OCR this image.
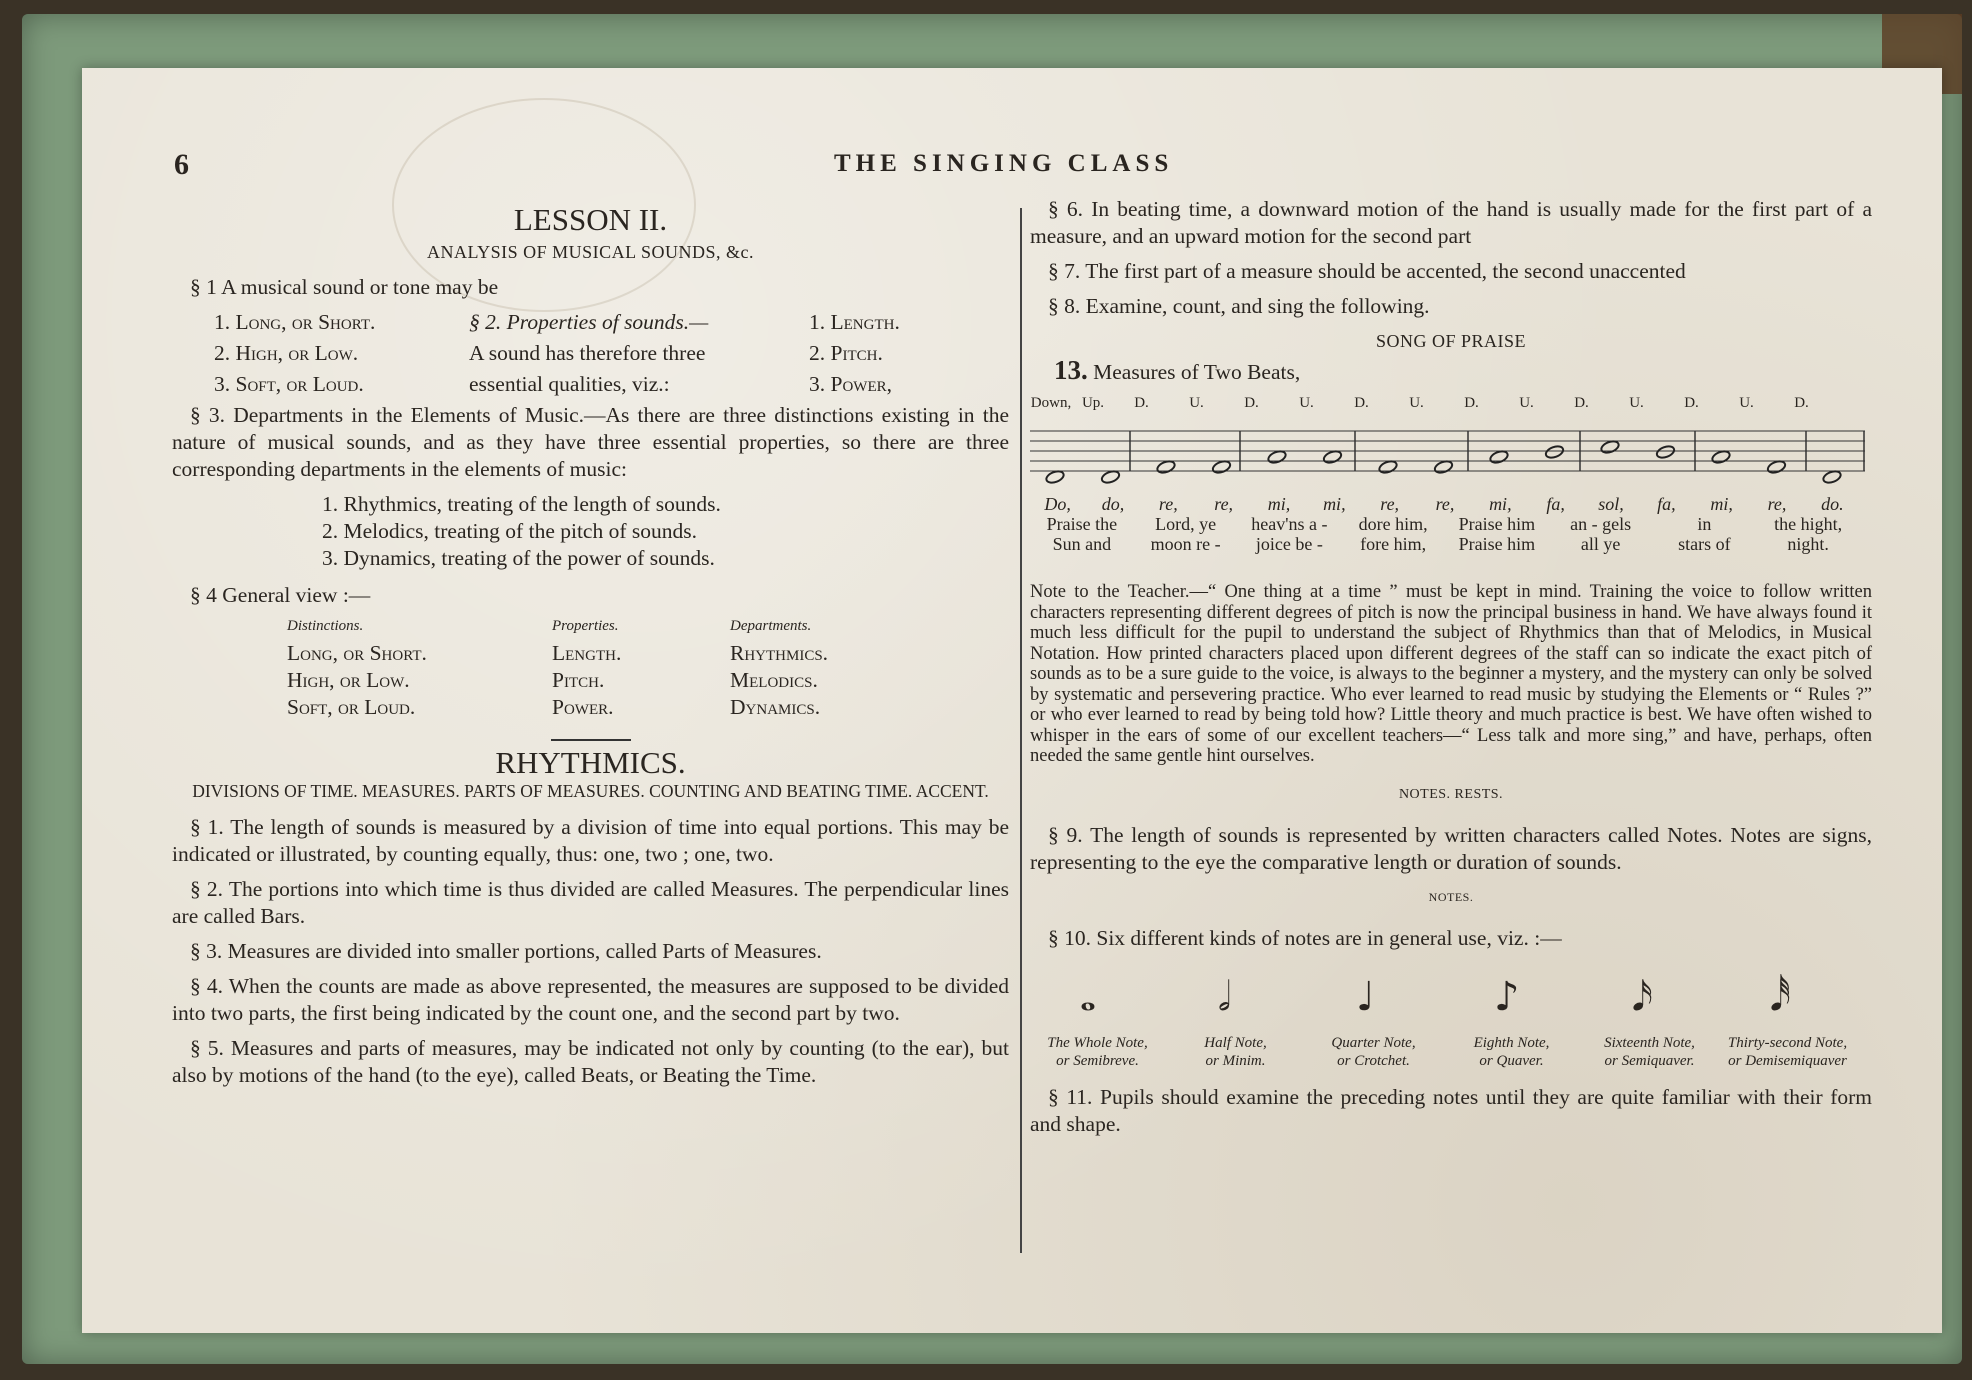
6	THE SINGING CLASS
LESSON II.
ANALYSIS OF MUSICAL SOUNDS, &c.

§ 1 A musical sound or tone may be

1. Long, or Short.	§ 2. Properties of sounds.—	1. Length.
2. High, or Low.	A sound has therefore three	2. Pitch.
3. Soft, or Loud.	essential qualities, viz.:	3. Power,

§ 3. Departments in the Elements of Music.—As there are three distinctions existing in the nature of musical sounds, and as they have three essential properties, so there are three corresponding departments in the elements of music:

1. Rhythmics, treating of the length of sounds.
2. Melodics, treating of the pitch of sounds.
3. Dynamics, treating of the power of sounds.

§ 4 General view :—

Distinctions.	Properties.	Departments.
Long, or Short.	Length.	Rhythmics.
High, or Low.	Pitch.	Melodics.
Soft, or Loud.	Power.	Dynamics.
RHYTHMICS.
DIVISIONS OF TIME. MEASURES. PARTS OF MEASURES. COUNTING AND BEATING TIME. ACCENT.

§ 1. The length of sounds is measured by a division of time into equal portions. This may be indicated or illustrated, by counting equally, thus: one, two ; one, two.

§ 2. The portions into which time is thus divided are called Measures. The perpendicular lines are called Bars.

§ 3. Measures are divided into smaller portions, called Parts of Measures.

§ 4. When the counts are made as above represented, the measures are supposed to be divided into two parts, the first being indicated by the count one, and the second part by two.

§ 5. Measures and parts of measures, may be indicated not only by counting (to the ear), but also by motions of the hand (to the eye), called Beats, or Beating the Time.

§ 6. In beating time, a downward motion of the hand is usually made for the first part of a measure, and an upward motion for the second part

§ 7. The first part of a measure should be accented, the second unaccented

§ 8. Examine, count, and sing the following.

SONG OF PRAISE
13. Measures of Two Beats,
Down, Up.	D.	U.	D.	U.	D.	U.	D.	U.	D.	U.	D.	U.	D.
Do,	do,	re,	re,	mi,	mi,	re,	re,	mi,	fa,	sol,	fa,	mi,	re,	do.
Praise the	Lord, ye	heav'ns a -	dore him,	Praise him	an - gels	in	the hight,
Sun and	moon re -	joice be -	fore him,	Praise him	all ye	stars of	night.

Note to the Teacher.—“ One thing at a time ” must be kept in mind. Training the voice to follow written characters representing different degrees of pitch is now the principal business in hand. We have always found it much less difficult for the pupil to understand the subject of Rhythmics than that of Melodics, in Musical Notation. How printed characters placed upon different degrees of the staff can so indicate the exact pitch of sounds as to be a sure guide to the voice, is always to the beginner a mystery, and the mystery can only be solved by systematic and persevering practice. Who ever learned to read music by studying the Elements or “ Rules ?” or who ever learned to read by being told how? Little theory and much practice is best. We have often wished to whisper in the ears of some of our excellent teachers—“ Less talk and more sing,” and have, perhaps, often needed the same gentle hint ourselves.

NOTES. RESTS.

§ 9. The length of sounds is represented by written characters called Notes. Notes are signs, representing to the eye the comparative length or duration of sounds.

NOTES.

§ 10. Six different kinds of notes are in general use, viz. :—

𝅝
The Whole Note,
or Semibreve.
𝅗𝅥
Half Note,
or Minim.
♩
Quarter Note,
or Crotchet.
♪
Eighth Note,
or Quaver.
𝅘𝅥𝅯
Sixteenth Note,
or Semiquaver.
𝅘𝅥𝅰
Thirty-second Note,
or Demisemiquaver

§ 11. Pupils should examine the preceding notes until they are quite familiar with their form and shape.
